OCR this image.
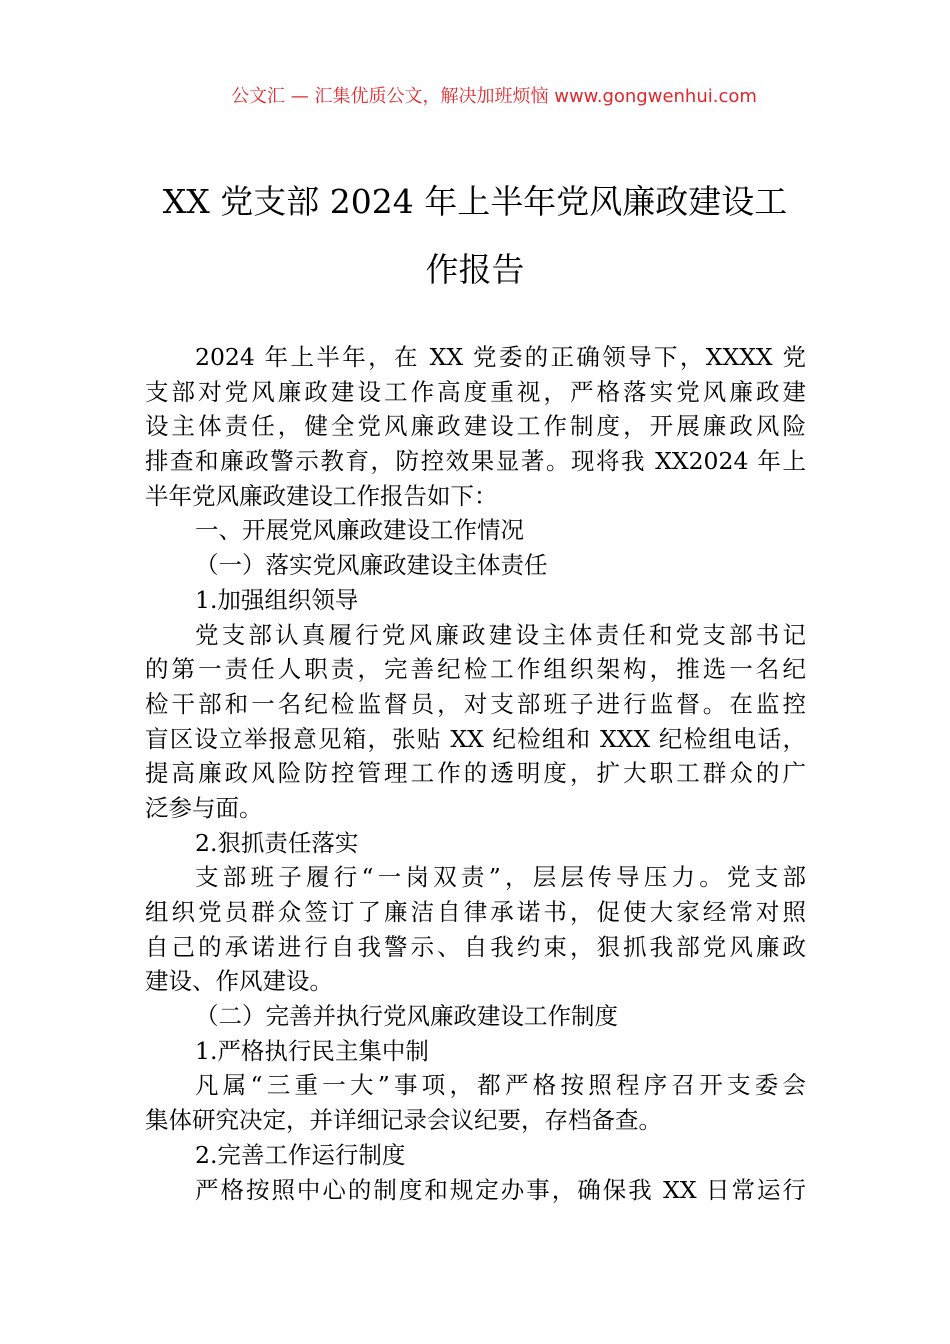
公文汇 — 汇集优质公文，解决加班烦恼 www.gongwenhui.com
XX 党支部 2024 年上半年党风廉政建设工
作报告
2024 年上半年，在 XX 党委的正确领导下，XXXX 党
支部对党风廉政建设工作高度重视，严格落实党风廉政建
设主体责任，健全党风廉政建设工作制度，开展廉政风险
排查和廉政警示教育，防控效果显著。现将我 XX2024 年上
半年党风廉政建设工作报告如下：
一、开展党风廉政建设工作情况
（一）落实党风廉政建设主体责任
1.加强组织领导
党支部认真履行党风廉政建设主体责任和党支部书记
的第一责任人职责，完善纪检工作组织架构，推选一名纪
检干部和一名纪检监督员，对支部班子进行监督。在监控
盲区设立举报意见箱，张贴 XX 纪检组和 XXX 纪检组电话，
提高廉政风险防控管理工作的透明度，扩大职工群众的广
泛参与面。
2.狠抓责任落实
支部班子履行“一岗双责”，层层传导压力。党支部
组织党员群众签订了廉洁自律承诺书，促使大家经常对照
自己的承诺进行自我警示、自我约束，狠抓我部党风廉政
建设、作风建设。
（二）完善并执行党风廉政建设工作制度
1.严格执行民主集中制
凡属“三重一大”事项，都严格按照程序召开支委会
集体研究决定，并详细记录会议纪要，存档备查。
2.完善工作运行制度
严格按照中心的制度和规定办事，确保我 XX 日常运行
